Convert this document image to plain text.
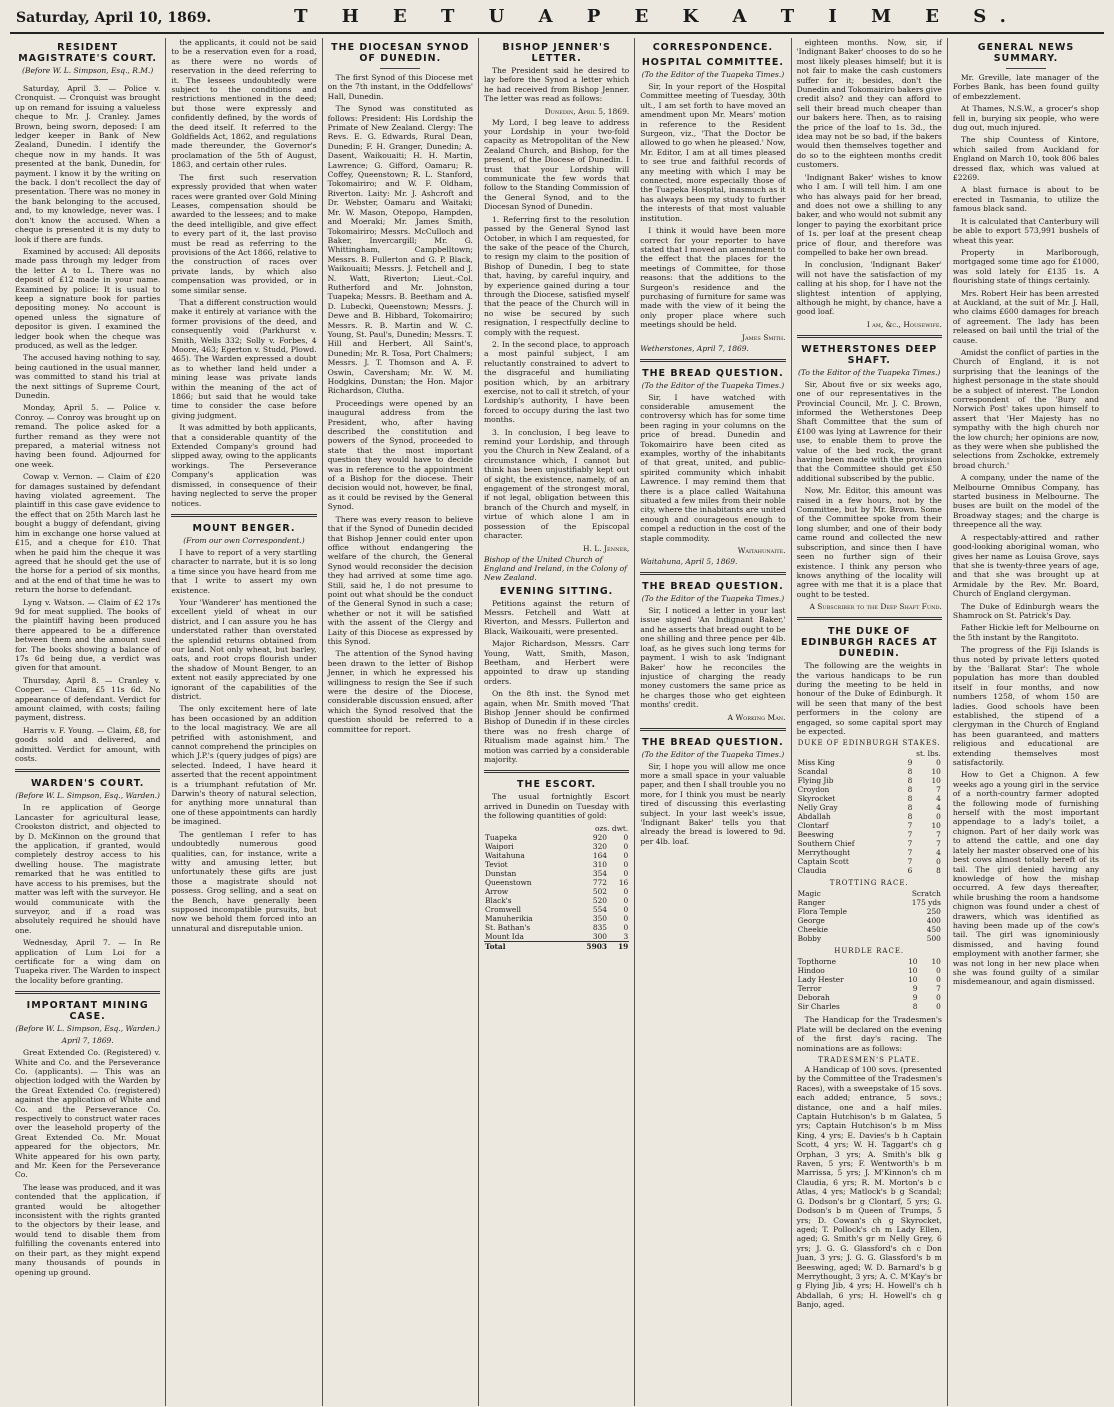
Saturday, April 10, 1869.	T H E T U A P E K A T I M E S.
RESIDENT MAGISTRATE'S COURT.
(Before W. L. Simpson, Esq., R.M.)

Saturday, April 3. — Police v. Cronquist. — Cronquist was brought up on remand for issuing a valueless cheque to Mr. J. Cranley. James Brown, being sworn, deposed: I am ledger keeper in Bank of New Zealand, Dunedin. I identify the cheque now in my hands. It was presented at the bank, Dunedin, for payment. I know it by the writing on the back. I don't recollect the day of presentation. There was no money in the bank belonging to the accused, and, to my knowledge, never was. I don't know the accused. When a cheque is presented it is my duty to look if there are funds.

Examined by accused: All deposits made pass through my ledger from the letter A to L. There was no deposit of £12 made in your name. Examined by police: It is usual to keep a signature book for parties depositing money. No account is opened unless the signature of depositor is given. I examined the ledger book when the cheque was produced, as well as the ledger.

The accused having nothing to say, being cautioned in the usual manner, was committed to stand his trial at the next sittings of Supreme Court, Dunedin.

Monday, April 5. — Police v. Conroy. — Conroy was brought up on remand. The police asked for a further remand as they were not prepared, a material witness not having been found. Adjourned for one week.

Cowap v. Vernon. — Claim of £20 for damages sustained by defendant having violated agreement. The plaintiff in this case gave evidence to the effect that on 25th March last he bought a buggy of defendant, giving him in exchange one horse valued at £15, and a cheque for £10. That when he paid him the cheque it was agreed that he should get the use of the horse for a period of six months, and at the end of that time he was to return the horse to defendant.

Lyng v. Watson. — Claim of £2 17s 9d for meat supplied. The books of the plaintiff having been produced there appeared to be a difference between them and the amount sued for. The books showing a balance of 17s 6d being due, a verdict was given for that amount.

Thursday, April 8. — Cranley v. Cooper. — Claim, £5 11s 6d. No appearance of defendant. Verdict for amount claimed, with costs; failing payment, distress.

Harris v. F. Young. — Claim, £8, for goods sold and delivered, and admitted. Verdict for amount, with costs.

WARDEN'S COURT.
(Before W. L. Simpson, Esq., Warden.)

In re application of George Lancaster for agricultural lease, Crookston district, and objected to by D. McKinnon on the ground that the application, if granted, would completely destroy access to his dwelling house. The magistrate remarked that he was entitled to have access to his premises, but the matter was left with the surveyor. He would communicate with the surveyor, and if a road was absolutely required he should have one.

Wednesday, April 7. — In Re application of Lum Loi for a certificate for a wing dam on Tuapeka river. The Warden to inspect the locality before granting.

IMPORTANT MINING CASE.
(Before W. L. Simpson, Esq., Warden.)
April 7, 1869.

Great Extended Co. (Registered) v. White and Co. and the Perseverance Co. (applicants). — This was an objection lodged with the Warden by the Great Extended Co. (registered) against the application of White and Co. and the Perseverance Co. respectively to construct water races over the leasehold property of the Great Extended Co. Mr. Mouat appeared for the objectors, Mr. White appeared for his own party, and Mr. Keen for the Perseverance Co.

The lease was produced, and it was contended that the application, if granted would be altogether inconsistent with the rights granted to the objectors by their lease, and would tend to disable them from fulfilling the covenants entered into on their part, as they might expend many thousands of pounds in opening up ground.

the applicants, it could not be said to be a reservation even for a road, as there were no words of reservation in the deed referring to it. The lessees undoubtedly were subject to the conditions and restrictions mentioned in the deed; but those were expressly and confidently defined, by the words of the deed itself. It referred to the Goldfields Act, 1862, and regulations made thereunder, the Governor's proclamation of the 5th of August, 1863, and certain other rules.

The first such reservation expressly provided that when water races were granted over Gold Mining Leases, compensation should be awarded to the lessees; and to make the deed intelligible, and give effect to every part of it, the last proviso must be read as referring to the provisions of the Act 1866, relative to the construction of races over private lands, by which also compensation was provided, or in some similar sense.

That a different construction would make it entirely at variance with the former provisions of the deed, and consequently void (Parkhurst v. Smith, Wells 332; Solly v. Forbes, 4 Moore, 463; Egerton v. Studd, Plowd. 465). The Warden expressed a doubt as to whether land held under a mining lease was private lands within the meaning of the act of 1866; but said that he would take time to consider the case before giving judgment.

It was admitted by both applicants, that a considerable quantity of the Extended Company's ground had slipped away, owing to the applicants workings. The Perseverance Company's application was dismissed, in consequence of their having neglected to serve the proper notices.

MOUNT BENGER.
(From our own Correspondent.)

I have to report of a very startling character to narrate, but it is so long a time since you have heard from me that I write to assert my own existence.

Your 'Wanderer' has mentioned the excellent yield of wheat in our district, and I can assure you he has understated rather than overstated the splendid returns obtained from our land. Not only wheat, but barley, oats, and root crops flourish under the shadow of Mount Benger, to an extent not easily appreciated by one ignorant of the capabilities of the district.

The only excitement here of late has been occasioned by an addition to the local magistracy. We are all petrified with astonishment, and cannot comprehend the principles on which J.P.'s (query judges of pigs) are selected. Indeed, I have heard it asserted that the recent appointment is a triumphant refutation of Mr. Darwin's theory of natural selection, for anything more unnatural than one of these appointments can hardly be imagined.

The gentleman I refer to has undoubtedly numerous good qualities, can, for instance, write a witty and amusing letter, but unfortunately these gifts are just those a magistrate should not possess. Grog selling, and a seat on the Bench, have generally been supposed incompatible pursuits, but now we behold them forced into an unnatural and disreputable union.

THE DIOCESAN SYNOD OF DUNEDIN.

The first Synod of this Diocese met on the 7th instant, in the Oddfellows' Hall, Dunedin.

The Synod was constituted as follows: President: His Lordship the Primate of New Zealand. Clergy: The Revs. E. G. Edwards, Rural Dean, Dunedin; F. H. Granger, Dunedin; A. Dasent, Waikouaiti; H. H. Martin, Lawrence; G. Gifford, Oamaru; R. Coffey, Queenstown; R. L. Stanford, Tokomairiro; and W. F. Oldham, Riverton. Laity: Mr. J. Ashcroft and Dr. Webster, Oamaru and Waitaki; Mr. W. Mason, Otepopo, Hampden, and Moeraki; Mr. James Smith, Tokomairiro; Messrs. McCulloch and Baker, Invercargill; Mr. G. Whittingham, Campbelltown; Messrs. B. Fullerton and G. P. Black, Waikouaiti; Messrs. J. Fetchell and J. N. Watt, Riverton; Lieut.-Col. Rutherford and Mr. Johnston, Tuapeka; Messrs. B. Beetham and A. D. Lubecki, Queenstown; Messrs. J. Dewe and B. Hibbard, Tokomairiro; Messrs. R. B. Martin and W. C. Young, St. Paul's, Dunedin; Messrs. T. Hill and Herbert, All Saint's, Dunedin; Mr. R. Tosa, Port Chalmers; Messrs. J. T. Thomson and A. F. Oswin, Caversham; Mr. W. M. Hodgkins, Dunstan; the Hon. Major Richardson, Clutha.

Proceedings were opened by an inaugural address from the President, who, after having described the constitution and powers of the Synod, proceeded to state that the most important question they would have to decide was in reference to the appointment of a Bishop for the diocese. Their decision would not, however, be final, as it could be revised by the General Synod.

There was every reason to believe that if the Synod of Dunedin decided that Bishop Jenner could enter upon office without endangering the welfare of the church, the General Synod would reconsider the decision they had arrived at some time ago. Still, said he, I do not presume to point out what should be the conduct of the General Synod in such a case; whether or not it will be satisfied with the assent of the Clergy and Laity of this Diocese as expressed by this Synod.

The attention of the Synod having been drawn to the letter of Bishop Jenner, in which he expressed his willingness to resign the See if such were the desire of the Diocese, considerable discussion ensued, after which the Synod resolved that the question should be referred to a committee for report.

BISHOP JENNER'S LETTER.

The President said he desired to lay before the Synod a letter which he had received from Bishop Jenner. The letter was read as follows:

Dunedin, April 5, 1869.

My Lord, I beg leave to address your Lordship in your two-fold capacity as Metropolitan of the New Zealand Church, and Bishop, for the present, of the Diocese of Dunedin. I trust that your Lordship will communicate the few words that follow to the Standing Commission of the General Synod, and to the Diocesan Synod of Dunedin.

1. Referring first to the resolution passed by the General Synod last October, in which I am requested, for the sake of the peace of the Church, to resign my claim to the position of Bishop of Dunedin, I beg to state that, having, by careful inquiry, and by experience gained during a tour through the Diocese, satisfied myself that the peace of the Church will in no wise be secured by such resignation, I respectfully decline to comply with the request.

2. In the second place, to approach a most painful subject, I am reluctantly constrained to advert to the disgraceful and humiliating position which, by an arbitrary exercise, not to call it stretch, of your Lordship's authority, I have been forced to occupy during the last two months.

3. In conclusion, I beg leave to remind your Lordship, and through you the Church in New Zealand, of a circumstance which, I cannot but think has been unjustifiably kept out of sight, the existence, namely, of an engagement of the strongest moral, if not legal, obligation between this branch of the Church and myself, in virtue of which alone I am in possession of the Episcopal character.

H. L. Jenner,
Bishop of the United Church of England and Ireland, in the Colony of New Zealand.
EVENING SITTING.

Petitions against the return of Messrs. Fetchell and Watt at Riverton, and Messrs. Fullerton and Black, Waikouaiti, were presented.

Major Richardson, Messrs. Carr Young, Watt, Smith, Mason, Beetham, and Herbert were appointed to draw up standing orders.

On the 8th inst. the Synod met again, when Mr. Smith moved 'That Bishop Jenner should be confirmed Bishop of Dunedin if in these circles there was no fresh charge of Ritualism made against him.' The motion was carried by a considerable majority.

THE ESCORT.

The usual fortnightly Escort arrived in Dunedin on Tuesday with the following quantities of gold:

	ozs. dwt.	
Tuapeka	920	0
Waipori	320	0
Waitahuna	164	0
Teviot	310	0
Dunstan	354	0
Queenstown	772	16
Arrow	502	0
Black's	520	0
Cromwell	554	0
Manuherikia	350	0
St. Bathan's	835	0
Mount Ida	300	3
Total	5903	19
CORRESPONDENCE.
HOSPITAL COMMITTEE.
(To the Editor of the Tuapeka Times.)

Sir, In your report of the Hospital Committee meeting of Tuesday, 30th ult., I am set forth to have moved an amendment upon Mr. Mears' motion in reference to the Resident Surgeon, viz., 'That the Doctor be allowed to go when he pleased.' Now, Mr. Editor, I am at all times pleased to see true and faithful records of any meeting with which I may be connected, more especially those of the Tuapeka Hospital, inasmuch as it has always been my study to further the interests of that most valuable institution.

I think it would have been more correct for your reporter to have stated that I moved an amendment to the effect that the places for the meetings of Committee, for those reasons: that the additions to the Surgeon's residence and the purchasing of furniture for same was made with the view of it being the only proper place where such meetings should be held.

James Smith.
Wetherstones, April 7, 1869.
THE BREAD QUESTION.
(To the Editor of the Tuapeka Times.)

Sir, I have watched with considerable amusement the controversy which has for some time been raging in your columns on the price of bread. Dunedin and Tokomairiro have been cited as examples, worthy of the inhabitants of that great, united, and public-spirited community which inhabit Lawrence. I may remind them that there is a place called Waitahuna situated a few miles from their noble city, where the inhabitants are united enough and courageous enough to compel a reduction in the cost of the staple commodity.

Waitahunaite.
Waitahuna, April 5, 1869.
THE BREAD QUESTION.
(To the Editor of the Tuapeka Times.)

Sir, I noticed a letter in your last issue signed 'An Indignant Baker,' and he asserts that bread ought to be one shilling and three pence per 4lb. loaf, as he gives such long terms for payment. I wish to ask 'Indignant Baker' how he reconciles the injustice of charging the ready money customers the same price as he charges those who get eighteen months' credit.

A Working Man.
THE BREAD QUESTION.
(To the Editor of the Tuapeka Times.)

Sir, I hope you will allow me once more a small space in your valuable paper, and then I shall trouble you no more, for I think you must be nearly tired of discussing this everlasting subject. In your last week's issue, 'Indignant Baker' tells you that already the bread is lowered to 9d. per 4lb. loaf.

eighteen months. Now, sir, if 'Indignant Baker' chooses to do so he most likely pleases himself; but it is not fair to make the cash customers suffer for it; besides, don't the Dunedin and Tokomairiro bakers give credit also? and they can afford to sell their bread much cheaper than our bakers here. Then, as to raising the price of the loaf to 1s. 3d., the idea may not be so bad, if the bakers would then themselves together and do so to the eighteen months credit customers.

'Indignant Baker' wishes to know who I am. I will tell him. I am one who has always paid for her bread, and does not owe a shilling to any baker, and who would not submit any longer to paying the exorbitant price of 1s. per loaf at the present cheap price of flour, and therefore was compelled to bake her own bread.

In conclusion, 'Indignant Baker' will not have the satisfaction of my calling at his shop, for I have not the slightest intention of applying, although he might, by chance, have a good loaf.

I am, &c., Housewife.
WETHERSTONES DEEP SHAFT.
(To the Editor of the Tuapeka Times.)

Sir, About five or six weeks ago, one of our representatives in the Provincial Council, Mr. J. C. Brown, informed the Wetherstones Deep Shaft Committee that the sum of £100 was lying at Lawrence for their use, to enable them to prove the value of the bed rock, the grant having been made with the provision that the Committee should get £50 additional subscribed by the public.

Now, Mr. Editor, this amount was raised in a few hours, not by the Committee, but by Mr. Brown. Some of the Committee spoke from their long slumber, and one of their body came round and collected the new subscription, and since then I have seen no further sign of their existence. I think any person who knows anything of the locality will agree with me that it is a place that ought to be tested.

A Subscriber to the Deep Shaft Fund.
THE DUKE OF EDINBURGH RACES AT DUNEDIN.

The following are the weights in the various handicaps to be run during the meeting to be held in honour of the Duke of Edinburgh. It will be seen that many of the best performers in the colony are engaged, so some capital sport may be expected.

DUKE OF EDINBURGH STAKES.
	st. lbs.	
Miss King	9	0
Scandal	8	10
Flying Jib	8	10
Croydon	8	7
Skyrocket	8	4
Nelly Gray	8	4
Abdallah	8	0
Clontarf	7	10
Beeswing	7	7
Southern Chief	7	7
Merrythought	7	4
Captain Scott	7	0
Claudia	6	8
TROTTING RACE.
Magic	Scratch
Ranger	175 yds
Flora Temple	250
George	400
Cheekie	450
Bobby	500
HURDLE RACE.
Topthorne	10	10
Hindoo	10	0
Lady Hester	10	0
Terror	9	7
Deborah	9	0
Sir Charles	8	0

The Handicap for the Tradesmen's Plate will be declared on the evening of the first day's racing. The nominations are as follows:

TRADESMEN'S PLATE.

A Handicap of 100 sovs. (presented by the Committee of the Tradesmen's Races), with a sweepstake of 15 sovs. each added; entrance, 5 sovs.; distance, one and a half miles. Captain Hutchison's b m Galatea, 5 yrs; Captain Hutchison's b m Miss King, 4 yrs; E. Davies's b h Captain Scott, 4 yrs; W. H. Taggart's ch g Orphan, 3 yrs; A. Smith's blk g Raven, 5 yrs; F. Wentworth's b m Marrissa, 5 yrs; J. M'Kinnon's ch m Claudia, 6 yrs; R. M. Morton's b c Atlas, 4 yrs; Matlock's b g Scandal; G. Dodson's br g Clontarf, 5 yrs; G. Dodson's b m Queen of Trumps, 5 yrs; D. Cowan's ch g Skyrocket, aged; T. Pollock's ch m Lady Ellen, aged; G. Smith's gr m Nelly Grey, 6 yrs; J. G. G. Glassford's ch c Don Juan, 3 yrs; J. G. G. Glassford's b m Beeswing, aged; W. D. Barnard's b g Merrythought, 3 yrs; A. C. M'Kay's br g Flying Jib, 4 yrs; H. Howell's ch h Abdallah, 6 yrs; H. Howell's ch g Banjo, aged.

GENERAL NEWS SUMMARY.

Mr. Greville, late manager of the Forbes Bank, has been found guilty of embezzlement.

At Thames, N.S.W., a grocer's shop fell in, burying six people, who were dug out, much injured.

The ship Countess of Kintore, which sailed from Auckland for England on March 10, took 806 bales dressed flax, which was valued at £2269.

A blast furnace is about to be erected in Tasmania, to utilize the famous black sand.

It is calculated that Canterbury will be able to export 573,991 bushels of wheat this year.

Property in Marlborough, mortgaged some time ago for £1000, was sold lately for £135 1s. A flourishing state of things certainly.

Mrs. Robert Heir has been arrested at Auckland, at the suit of Mr. J. Hall, who claims £600 damages for breach of agreement. The lady has been released on bail until the trial of the cause.

Amidst the conflict of parties in the Church of England, it is not surprising that the leanings of the highest personage in the state should be a subject of interest. The London correspondent of the 'Bury and Norwich Post' takes upon himself to assert that 'Her Majesty has no sympathy with the high church nor the low church; her opinions are now, as they were when she published the selections from Zschokke, extremely broad church.'

A company, under the name of the Melbourne Omnibus Company, has started business in Melbourne. The buses are built on the model of the Broadway stages; and the charge is threepence all the way.

A respectably-attired and rather good-looking aboriginal woman, who gives her name as Louisa Grove, says that she is twenty-three years of age, and that she was brought up at Armidale by the Rev. Mr. Board, Church of England clergyman.

The Duke of Edinburgh wears the Shamrock on St. Patrick's Day.

Father Hickie left for Melbourne on the 5th instant by the Rangitoto.

The progress of the Fiji Islands is thus noted by private letters quoted by the 'Ballarat Star': The whole population has more than doubled itself in four months, and now numbers 1258, of whom 150 are ladies. Good schools have been established, the stipend of a clergyman in the Church of England has been guaranteed, and matters religious and educational are extending themselves most satisfactorily.

How to Get a Chignon. A few weeks ago a young girl in the service of a north-country farmer adopted the following mode of furnishing herself with the most important appendage to a lady's toilet, a chignon. Part of her daily work was to attend the cattle, and one day lately her master observed one of his best cows almost totally bereft of its tail. The girl denied having any knowledge of how the mishap occurred. A few days thereafter, while brushing the room a handsome chignon was found under a chest of drawers, which was identified as having been made up of the cow's tail. The girl was ignominiously dismissed, and having found employment with another farmer, she was not long in her new place when she was found guilty of a similar misdemeanour, and again dismissed.
